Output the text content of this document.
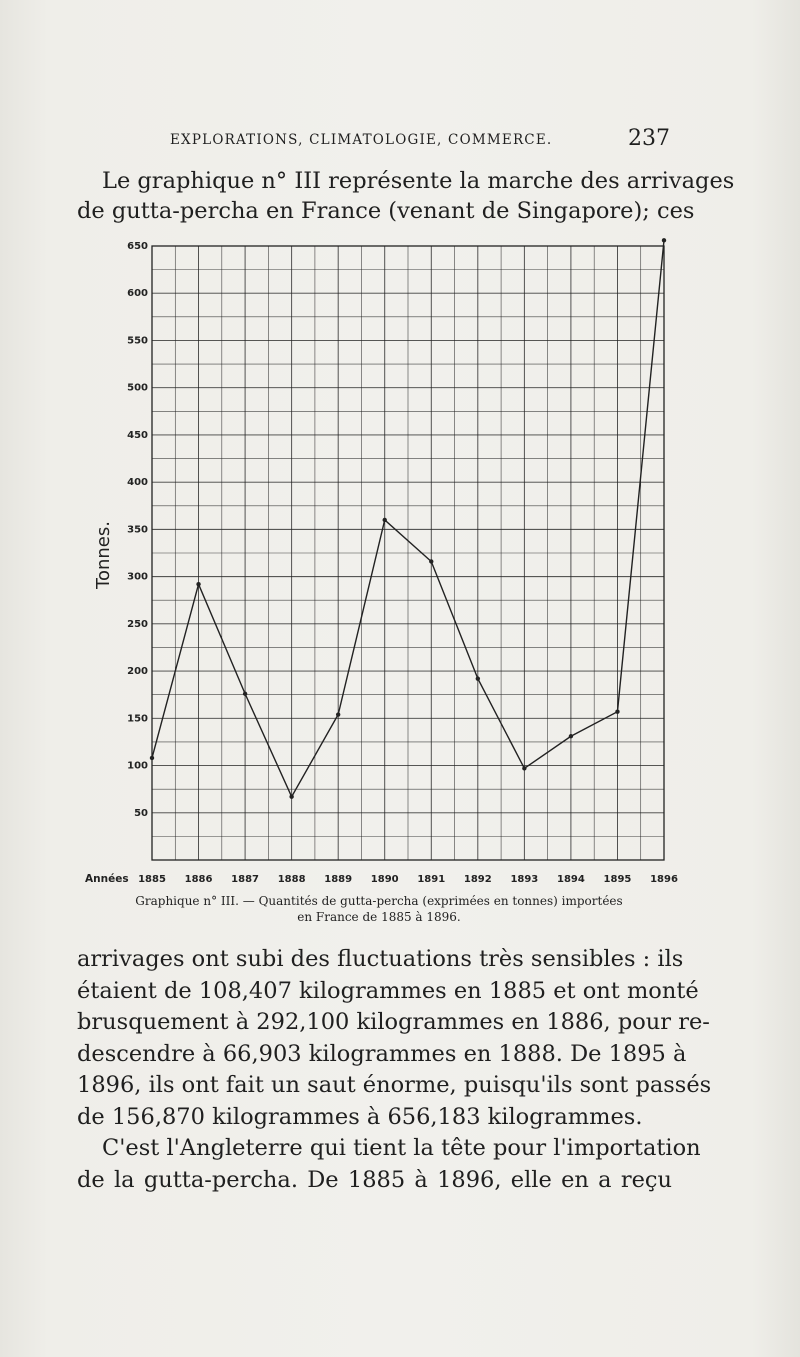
EXPLORATIONS, CLIMATOLOGIE, COMMERCE.	237

Le graphique n° III représente la marche des arrivages
de gutta-percha en France (venant de Singapore); ces

50
100
150
200
250
300
350
400
450
500
550
600
650
Tonnes.
Années 1885 1886 1887 1888 1889 1890 1891 1892 1893 1894 1895 1896
Graphique n° III. — Quantités de gutta-percha (exprimées en tonnes) importées
en France de 1885 à 1896.

arrivages ont subi des fluctuations très sensibles : ils
étaient de 108,407 kilogrammes en 1885 et ont monté
brusquement à 292,100 kilogrammes en 1886, pour re-
descendre à 66,903 kilogrammes en 1888. De 1895 à
1896, ils ont fait un saut énorme, puisqu'ils sont passés
de 156,870 kilogrammes à 656,183 kilogrammes.
C'est l'Angleterre qui tient la tête pour l'importation
de la gutta-percha. De 1885 à 1896, elle en a reçu
